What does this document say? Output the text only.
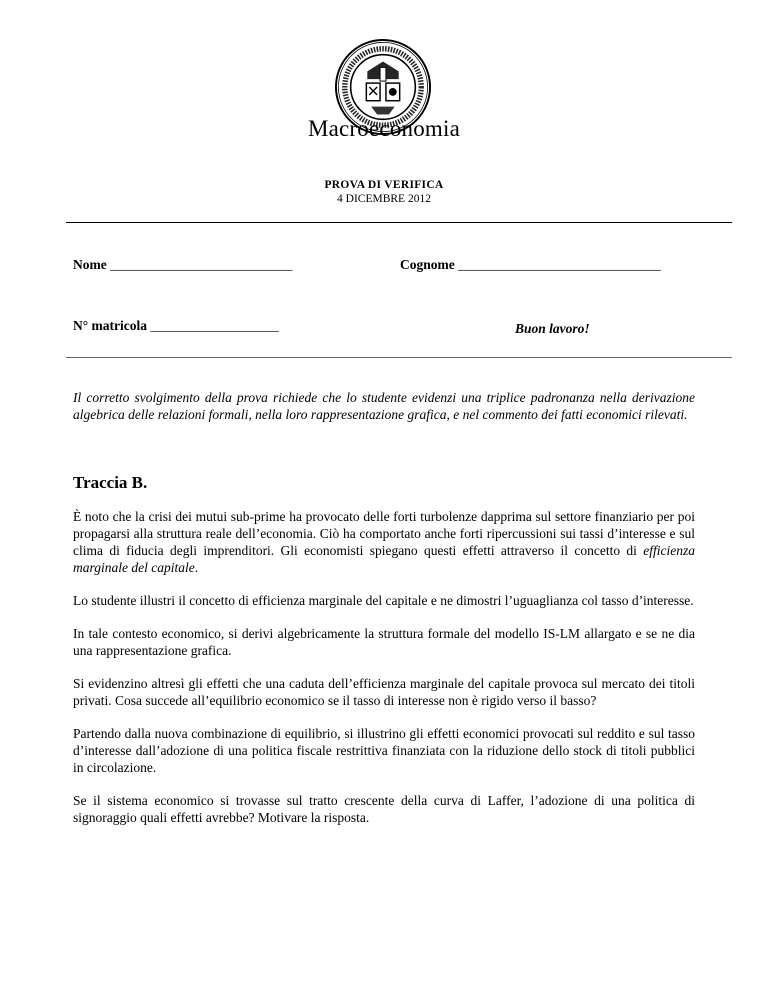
Macroeconomia
PROVA DI VERIFICA
4 DICEMBRE 2012
Nome ___________________________	Cognome ______________________________
N° matricola ___________________	Buon lavoro!
Il corretto svolgimento della prova richiede che lo studente evidenzi una triplice padronanza nella derivazione algebrica delle relazioni formali, nella loro rappresentazione grafica, e nel commento dei fatti economici rilevati.
Traccia B.

È noto che la crisi dei mutui sub-prime ha provocato delle forti turbolenze dapprima sul settore finanziario per poi propagarsi alla struttura reale dell’economia. Ciò ha comportato anche forti ripercussioni sui tassi d’interesse e sul clima di fiducia degli imprenditori. Gli economisti spiegano questi effetti attraverso il concetto di efficienza marginale del capitale.

Lo studente illustri il concetto di efficienza marginale del capitale e ne dimostri l’uguaglianza col tasso d’interesse.

In tale contesto economico, si derivi algebricamente la struttura formale del modello IS-LM allargato e se ne dia una rappresentazione grafica.

Si evidenzino altresì gli effetti che una caduta dell’efficienza marginale del capitale provoca sul mercato dei titoli privati. Cosa succede all’equilibrio economico se il tasso di interesse non è rigido verso il basso?

Partendo dalla nuova combinazione di equilibrio, si illustrino gli effetti economici provocati sul reddito e sul tasso d’interesse dall’adozione di una politica fiscale restrittiva finanziata con la riduzione dello stock di titoli pubblici in circolazione.

Se il sistema economico si trovasse sul tratto crescente della curva di Laffer, l’adozione di una politica di signoraggio quali effetti avrebbe? Motivare la risposta.
